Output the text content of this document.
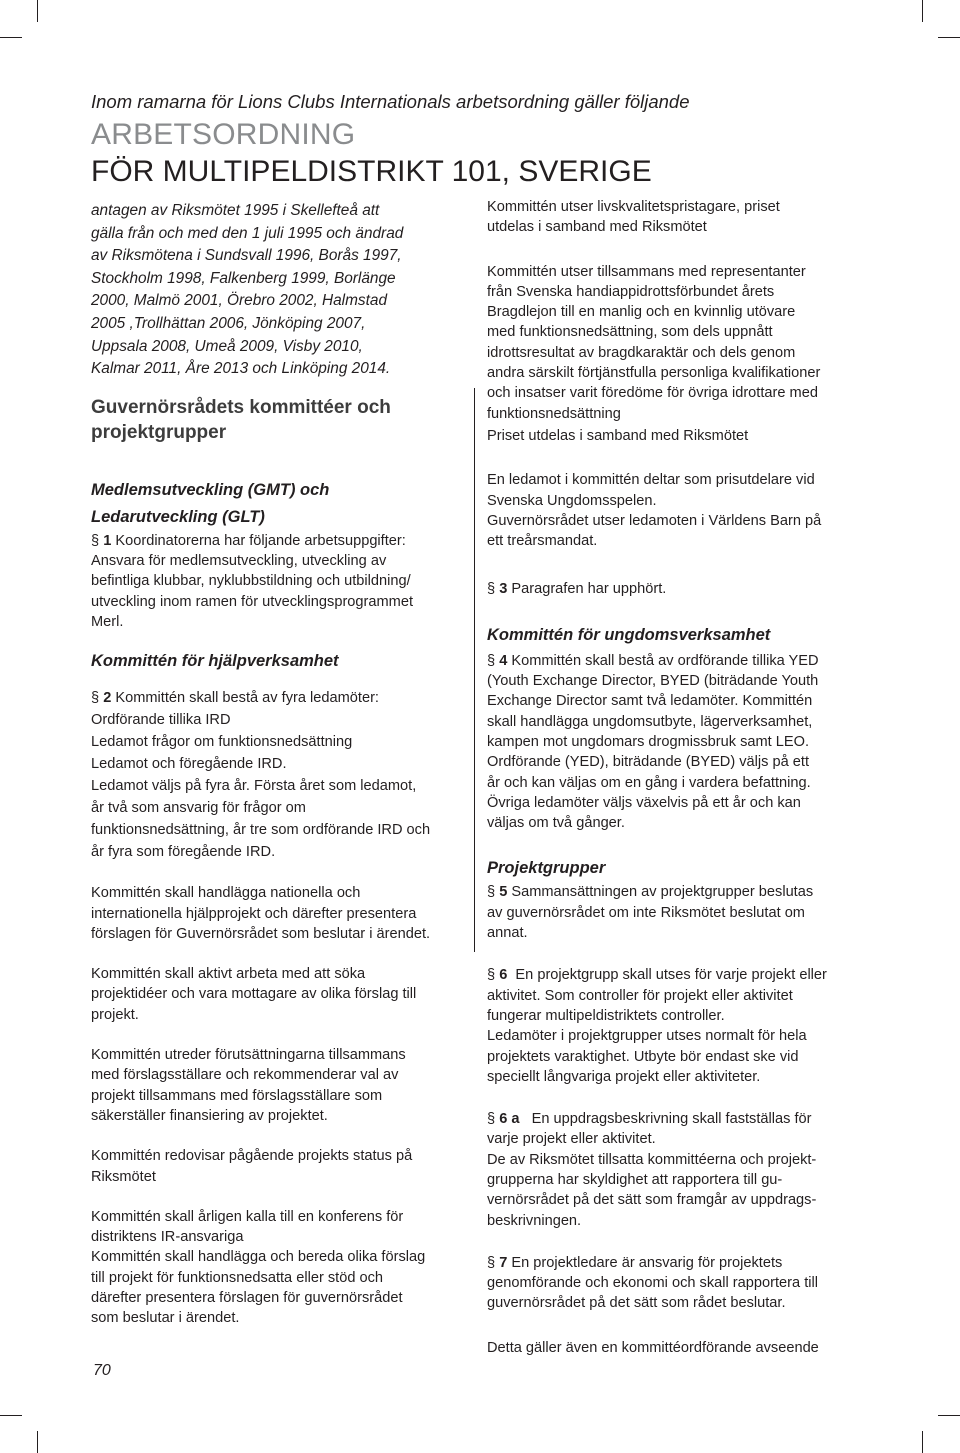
Inom ramarna för Lions Clubs Internationals arbetsordning gäller följande

ARBETSORDNING

FÖR MULTIPELDISTRIKT 101, SVERIGE

antagen av Riksmötet 1995 i Skellefteå att

gälla från och med den 1 juli 1995 och ändrad

av Riksmötena i Sundsvall 1996, Borås 1997,

Stockholm 1998, Falkenberg 1999, Borlänge

2000, Malmö 2001, Örebro 2002, Halmstad

2005 ,Trollhättan 2006, Jönköping 2007,

Uppsala 2008, Umeå 2009, Visby 2010,

Kalmar 2011, Åre 2013 och Linköping 2014.

Guvernörsrådets kommittéer och

projektgrupper

Medlemsutveckling (GMT) och

Ledarutveckling (GLT)

§ 1 Koordinatorerna har följande arbetsuppgifter:

Ansvara för medlemsutveckling, utveckling av

befintliga klubbar, nyklubbstildning och utbildning/

utveckling inom ramen för utvecklingsprogrammet

Merl.

Kommittén för hjälpverksamhet

§ 2 Kommittén skall bestå av fyra ledamöter:

Ordförande tillika IRD

Ledamot frågor om funktionsnedsättning

Ledamot och föregående IRD.

Ledamot väljs på fyra år. Första året som ledamot,

år två som ansvarig för frågor om

funktionsnedsättning, år tre som ordförande IRD och

år fyra som föregående IRD.

Kommittén skall handlägga nationella och

internationella hjälpprojekt och därefter presentera

förslagen för Guvernörsrådet som beslutar i ärendet.

Kommittén skall aktivt arbeta med att söka

projektidéer och vara mottagare av olika förslag till

projekt.

Kommittén utreder förutsättningarna tillsammans

med förslagsställare och rekommenderar val av

projekt tillsammans med förslagsställare som

säkerställer finansiering av projektet.

Kommittén redovisar pågående projekts status på

Riksmötet

Kommittén skall årligen kalla till en konferens för

distriktens IR-ansvariga

Kommittén skall handlägga och bereda olika förslag

till projekt för funktionsnedsatta eller stöd och

därefter presentera förslagen för guvernörsrådet

som beslutar i ärendet.

Kommittén utser livskvalitetspristagare, priset

utdelas i samband med Riksmötet

Kommittén utser tillsammans med representanter

från Svenska handiappidrottsförbundet årets

Bragdlejon till en manlig och en kvinnlig utövare

med funktionsnedsättning, som dels uppnått

idrottsresultat av bragdkaraktär och dels genom

andra särskilt förtjänstfulla personliga kvalifikationer

och insatser varit föredöme för övriga idrottare med

funktionsnedsättning

Priset utdelas i samband med Riksmötet

En ledamot i kommittén deltar som prisutdelare vid

Svenska Ungdomsspelen.

Guvernörsrådet utser ledamoten i Världens Barn på

ett treårsmandat.

§ 3 Paragrafen har upphört.

Kommittén för ungdomsverksamhet

§ 4 Kommittén skall bestå av ordförande tillika YED

(Youth Exchange Director, BYED (biträdande Youth

Exchange Director samt två ledamöter. Kommittén

skall handlägga ungdomsutbyte, lägerverksamhet,

kampen mot ungdomars drogmissbruk samt LEO.

Ordförande (YED), biträdande (BYED) väljs på ett

år och kan väljas om en gång i vardera befattning.

Övriga ledamöter väljs växelvis på ett år och kan

väljas om två gånger.

Projektgrupper

§ 5 Sammansättningen av projektgrupper beslutas

av guvernörsrådet om inte Riksmötet beslutat om

annat.

§ 6 En projektgrupp skall utses för varje projekt eller

aktivitet. Som controller för projekt eller aktivitet

fungerar multipeldistriktets controller.

Ledamöter i projektgrupper utses normalt för hela

projektets varaktighet. Utbyte bör endast ske vid

speciellt långvariga projekt eller aktiviteter.

§ 6 a En uppdragsbeskrivning skall fastställas för

varje projekt eller aktivitet.

De av Riksmötet tillsatta kommittéerna och projekt-

grupperna har skyldighet att rapportera till gu-

vernörsrådet på det sätt som framgår av uppdrags-

beskrivningen.

§ 7 En projektledare är ansvarig för projektets

genomförande och ekonomi och skall rapportera till

guvernörsrådet på det sätt som rådet beslutar.

Detta gäller även en kommittéordförande avseende

70
